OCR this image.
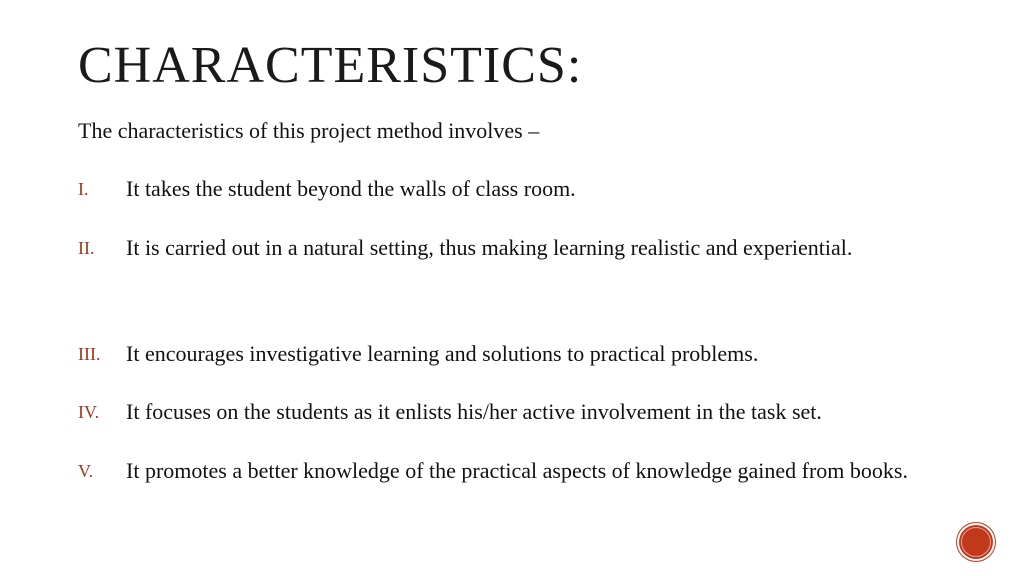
CHARACTERISTICS:
The characteristics of this project method involves –
I. It takes the student beyond the walls of class room.
II. It is carried out in a natural setting, thus making learning realistic and experiential.
III. It encourages investigative learning and solutions to practical problems.
IV. It focuses on the students as it enlists his/her active involvement in the task set.
V. It promotes a better knowledge of the practical aspects of knowledge gained from books.
